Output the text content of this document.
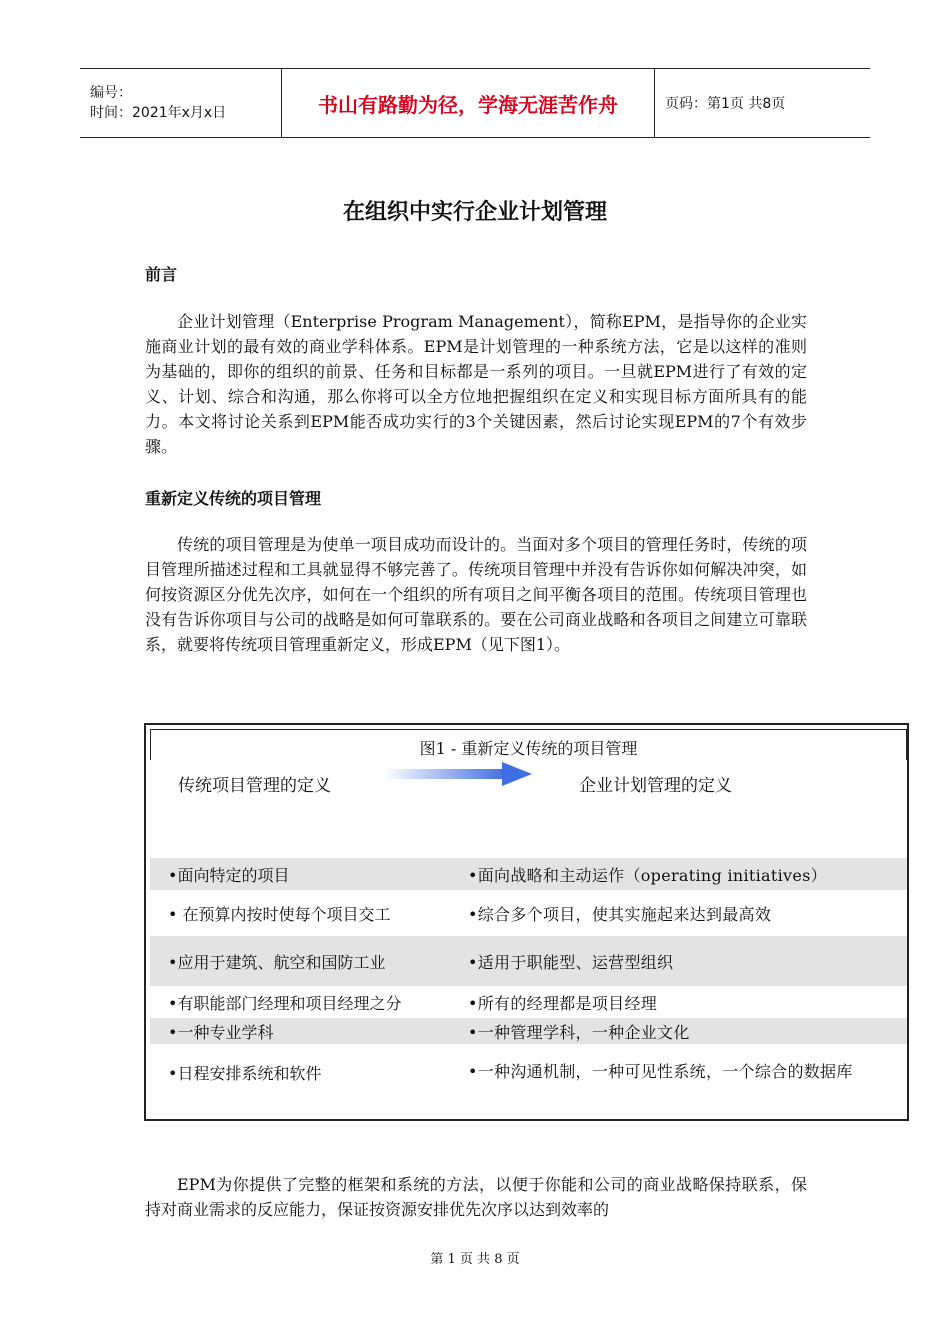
编号：
时间：2021年x月x日	书山有路勤为径，学海无涯苦作舟	页码：第1页 共8页
在组织中实行企业计划管理
前言
企业计划管理（Enterprise Program Management），简称EPM，是指导你的企业实施商业计划的最有效的商业学科体系。EPM是计划管理的一种系统方法，它是以这样的准则为基础的，即你的组织的前景、任务和目标都是一系列的项目。一旦就EPM进行了有效的定义、计划、综合和沟通，那么你将可以全方位地把握组织在定义和实现目标方面所具有的能力。本文将讨论关系到EPM能否成功实行的3个关键因素，然后讨论实现EPM的7个有效步骤。
重新定义传统的项目管理
传统的项目管理是为使单一项目成功而设计的。当面对多个项目的管理任务时，传统的项目管理所描述过程和工具就显得不够完善了。传统项目管理中并没有告诉你如何解决冲突，如何按资源区分优先次序，如何在一个组织的所有项目之间平衡各项目的范围。传统项目管理也没有告诉你项目与公司的战略是如何可靠联系的。要在公司商业战略和各项目之间建立可靠联系，就要将传统项目管理重新定义，形成EPM（见下图1）。
图1 - 重新定义传统的项目管理
传统项目管理的定义	企业计划管理的定义
•面向特定的项目	•面向战略和主动运作（operating initiatives）
• 在预算内按时使每个项目交工	•综合多个项目，使其实施起来达到最高效
•应用于建筑、航空和国防工业	•适用于职能型、运营型组织
•有职能部门经理和项目经理之分	•所有的经理都是项目经理
•一种专业学科	•一种管理学科，一种企业文化
•日程安排系统和软件	•一种沟通机制，一种可见性系统，一个综合的数据库
EPM为你提供了完整的框架和系统的方法，以便于你能和公司的商业战略保持联系，保持对商业需求的反应能力，保证按资源安排优先次序以达到效率的
第 1 页 共 8 页
